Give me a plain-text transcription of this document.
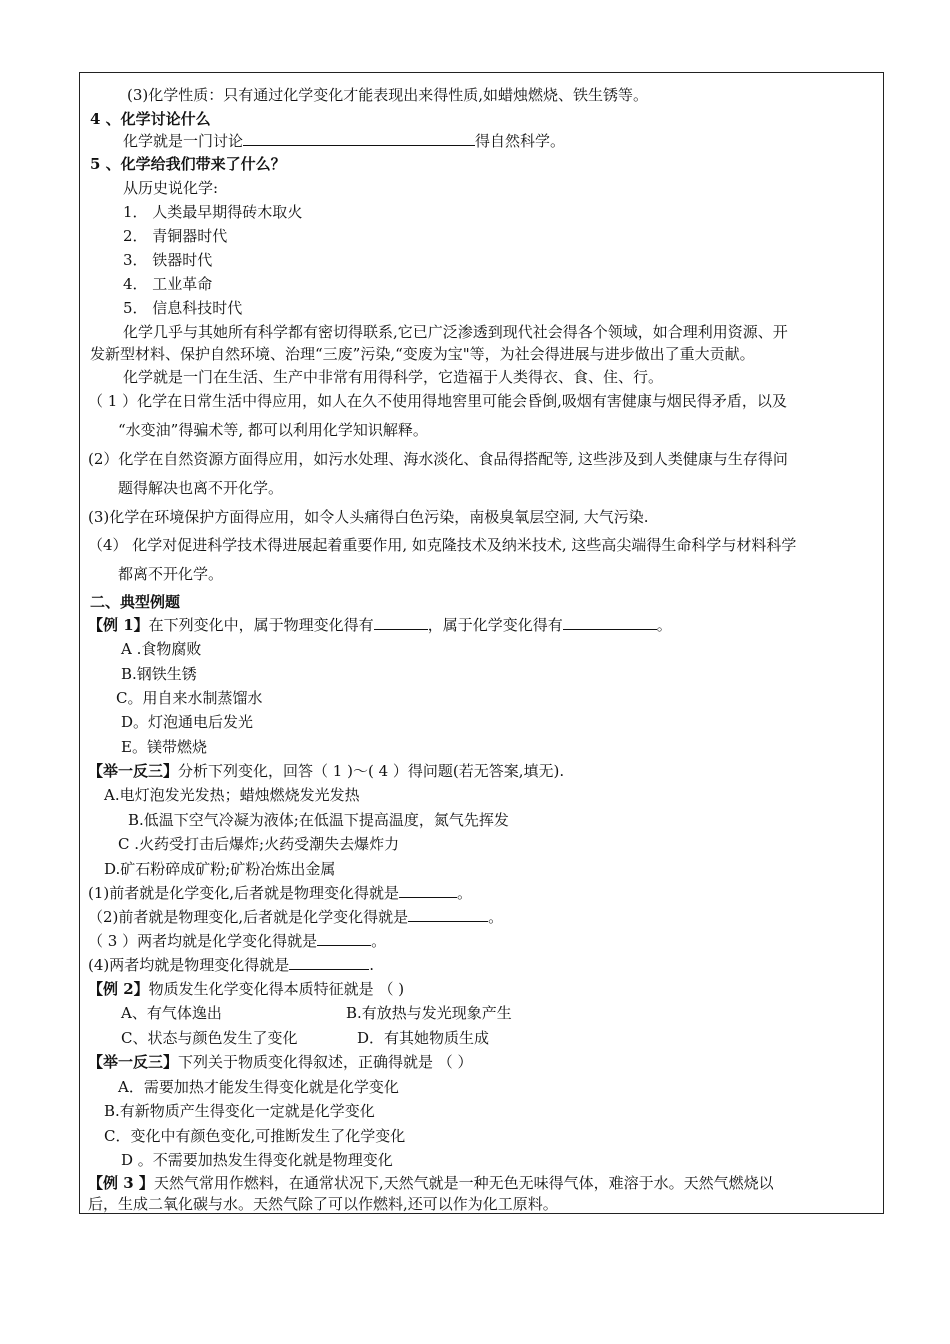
(3)化学性质：只有通过化学变化才能表现出来得性质,如蜡烛燃烧、铁生锈等。
4 、化学讨论什么
化学就是一门讨论	得自然科学。
5 、化学给我们带来了什么？
从历史说化学:
1． 人类最早期得砖木取火
2． 青铜器时代
3． 铁器时代
4． 工业革命
5． 信息科技时代
化学几乎与其她所有科学都有密切得联系,它已广泛渗透到现代社会得各个领域，如合理利用资源、开
发新型材料、保护自然环境、治理“三废”污染,“变废为宝"等，为社会得进展与进步做出了重大贡献。
化学就是一门在生活、生产中非常有用得科学，它造福于人类得衣、食、住、行。
（ 1 ）化学在日常生活中得应用，如人在久不使用得地窖里可能会昏倒,吸烟有害健康与烟民得矛盾，以及
“水变油”得骗术等, 都可以利用化学知识解释。
(2）化学在自然资源方面得应用，如污水处理、海水淡化、食品得搭配等, 这些涉及到人类健康与生存得问
题得解决也离不开化学。
(3)化学在环境保护方面得应用，如令人头痛得白色污染，南极臭氧层空洞, 大气污染.
（4） 化学对促进科学技术得进展起着重要作用, 如克隆技术及纳米技术, 这些高尖端得生命科学与材料科学
都离不开化学。
二、典型例题
【例 1】在下列变化中，属于物理变化得有	，属于化学变化得有	。
A .食物腐败
B.钢铁生锈
C。用自来水制蒸馏水
D。灯泡通电后发光
E。镁带燃烧
【举一反三】分析下列变化，回答（ 1 )～( 4 ）得问题(若无答案,填无).
A.电灯泡发光发热；蜡烛燃烧发光发热
B.低温下空气冷凝为液体;在低温下提高温度，氮气先挥发
C .火药受打击后爆炸;火药受潮失去爆炸力
D.矿石粉碎成矿粉;矿粉冶炼出金属
(1)前者就是化学变化,后者就是物理变化得就是	。
（2)前者就是物理变化,后者就是化学变化得就是	。
（ 3 ）两者均就是化学变化得就是	。
(4)两者均就是物理变化得就是	.
【例 2】物质发生化学变化得本质特征就是 （ )
A、有气体逸出	B.有放热与发光现象产生
C、状态与颜色发生了变化	D．有其她物质生成
【举一反三】下列关于物质变化得叙述，正确得就是 （ ）
A．需要加热才能发生得变化就是化学变化
B.有新物质产生得变化一定就是化学变化
C．变化中有颜色变化,可推断发生了化学变化
D 。不需要加热发生得变化就是物理变化
【例 3 】天然气常用作燃料，在通常状况下,天然气就是一种无色无味得气体，难溶于水。天然气燃烧以
后，生成二氧化碳与水。天然气除了可以作燃料,还可以作为化工原料。
